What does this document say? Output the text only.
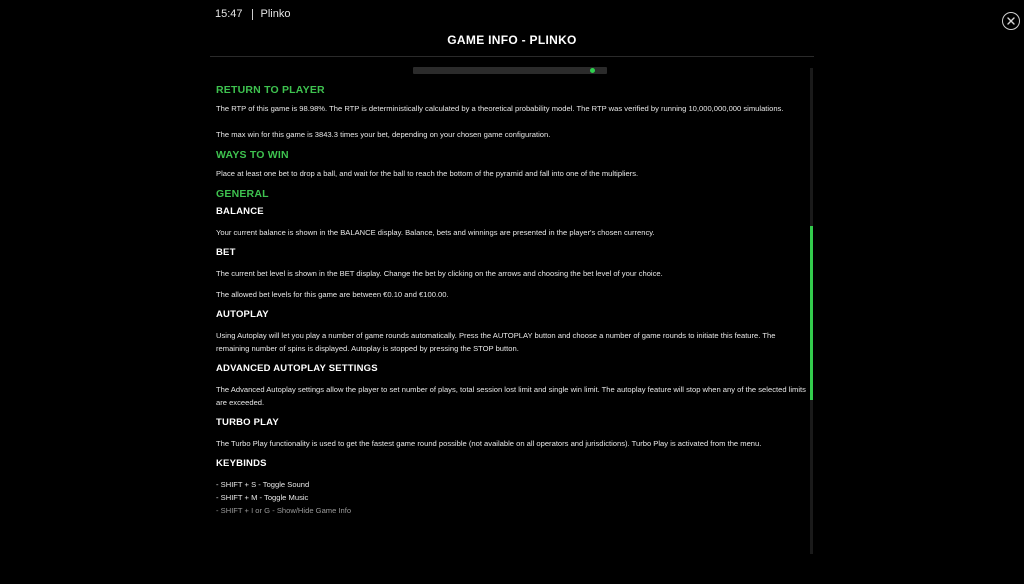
15:47 Plinko
GAME INFO - PLINKO
RETURN TO PLAYER

The RTP of this game is 98.98%. The RTP is deterministically calculated by a theoretical probability model. The RTP was verified by running 10,000,000,000 simulations.

The max win for this game is 3843.3 times your bet, depending on your chosen game configuration.

WAYS TO WIN

Place at least one bet to drop a ball, and wait for the ball to reach the bottom of the pyramid and fall into one of the multipliers.

GENERAL
BALANCE

Your current balance is shown in the BALANCE display. Balance, bets and winnings are presented in the player's chosen currency.

BET

The current bet level is shown in the BET display. Change the bet by clicking on the arrows and choosing the bet level of your choice.

The allowed bet levels for this game are between €0.10 and €100.00.

AUTOPLAY

Using Autoplay will let you play a number of game rounds automatically. Press the AUTOPLAY button and choose a number of game rounds to initiate this feature. The remaining number of spins is displayed. Autoplay is stopped by pressing the STOP button.

ADVANCED AUTOPLAY SETTINGS

The Advanced Autoplay settings allow the player to set number of plays, total session lost limit and single win limit. The autoplay feature will stop when any of the selected limits are exceeded.

TURBO PLAY

The Turbo Play functionality is used to get the fastest game round possible (not available on all operators and jurisdictions). Turbo Play is activated from the menu.

KEYBINDS
- SHIFT + S - Toggle Sound
- SHIFT + M - Toggle Music
- SHIFT + I or G - Show/Hide Game Info
